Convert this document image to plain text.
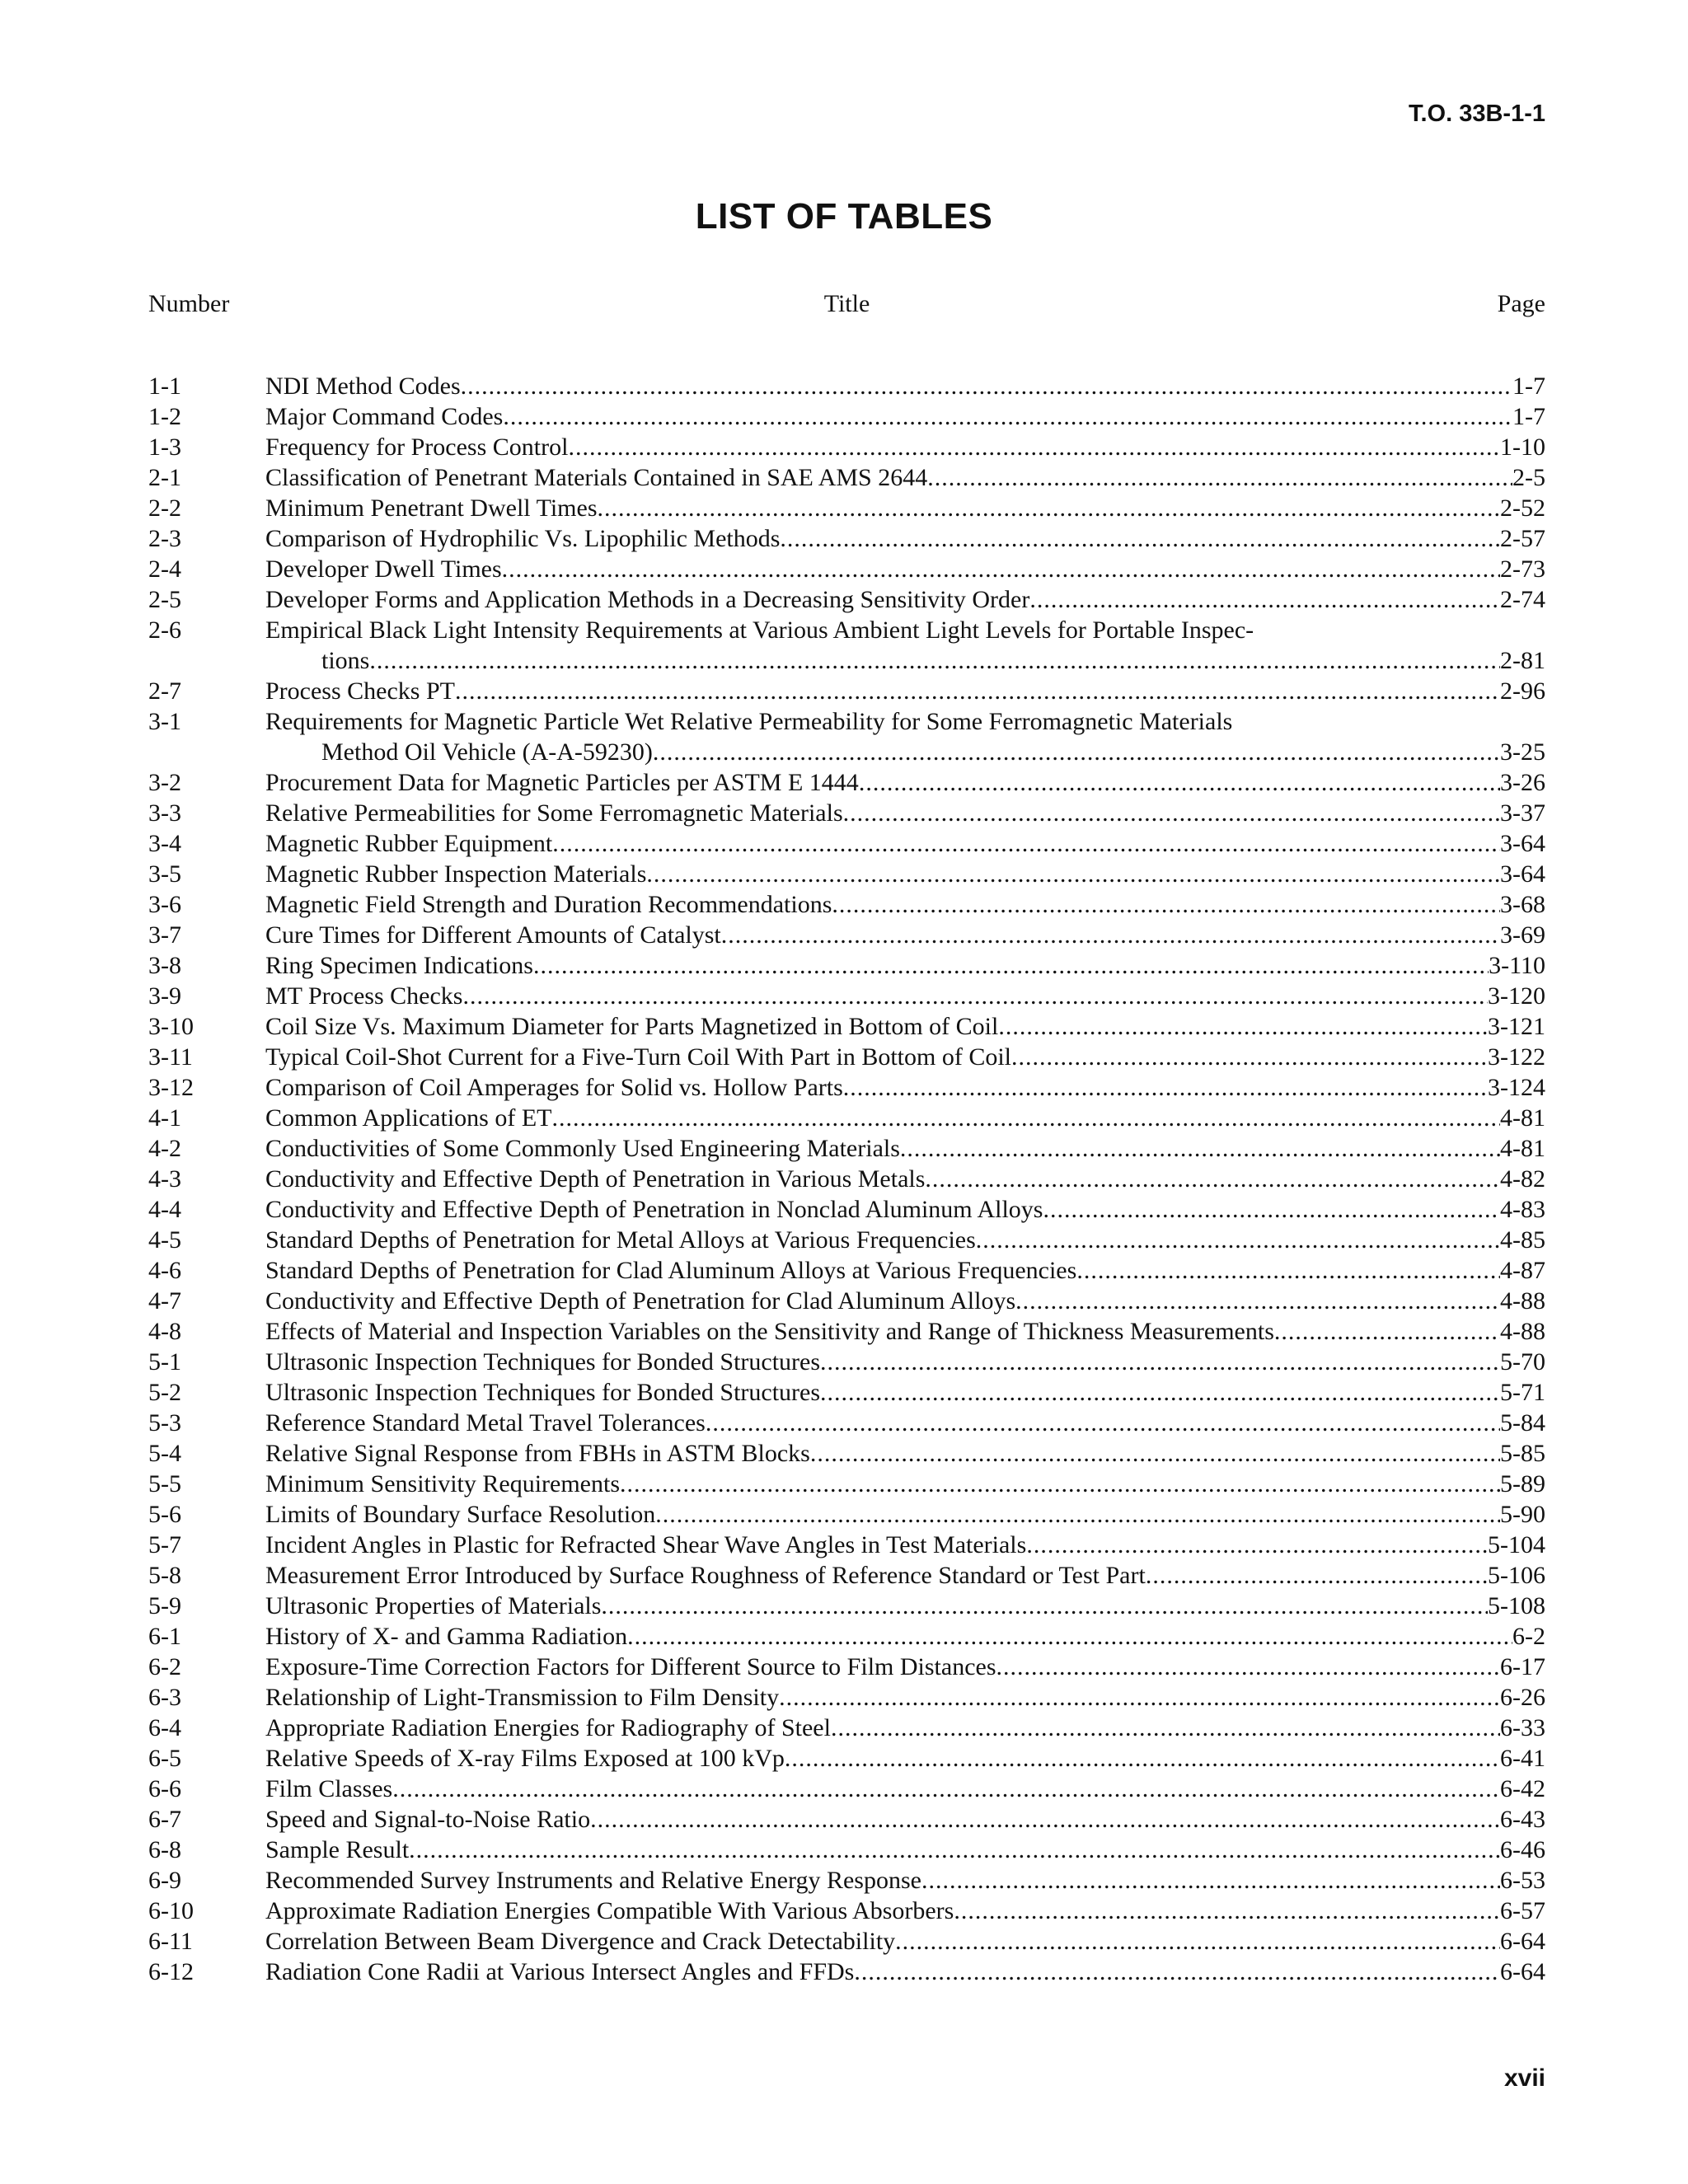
T.O. 33B-1-1

LIST OF TABLES
Number	Title	Page
1-1	NDI Method Codes .....	1-7
1-2	Major Command Codes .....	1-7
1-3	Frequency for Process Control .....	1-10
2-1	Classification of Penetrant Materials Contained in SAE AMS 2644 .....	2-5
2-2	Minimum Penetrant Dwell Times .....	2-52
2-3	Comparison of Hydrophilic Vs. Lipophilic Methods .....	2-57
2-4	Developer Dwell Times .....	2-73
2-5	Developer Forms and Application Methods in a Decreasing Sensitivity Order .....	2-74
2-6	Empirical Black Light Intensity Requirements at Various Ambient Light Levels for Portable Inspec-
tions .....	2-81
2-7	Process Checks PT .....	2-96
3-1	Requirements for Magnetic Particle Wet Relative Permeability for Some Ferromagnetic Materials
Method Oil Vehicle (A-A-59230) .....	3-25
3-2	Procurement Data for Magnetic Particles per ASTM E 1444 .....	3-26
3-3	Relative Permeabilities for Some Ferromagnetic Materials .....	3-37
3-4	Magnetic Rubber Equipment .....	3-64
3-5	Magnetic Rubber Inspection Materials .....	3-64
3-6	Magnetic Field Strength and Duration Recommendations .....	3-68
3-7	Cure Times for Different Amounts of Catalyst .....	3-69
3-8	Ring Specimen Indications .....	3-110
3-9	MT Process Checks .....	3-120
3-10	Coil Size Vs. Maximum Diameter for Parts Magnetized in Bottom of Coil .....	3-121
3-11	Typical Coil-Shot Current for a Five-Turn Coil With Part in Bottom of Coil .....	3-122
3-12	Comparison of Coil Amperages for Solid vs. Hollow Parts .....	3-124
4-1	Common Applications of ET .....	4-81
4-2	Conductivities of Some Commonly Used Engineering Materials .....	4-81
4-3	Conductivity and Effective Depth of Penetration in Various Metals .....	4-82
4-4	Conductivity and Effective Depth of Penetration in Nonclad Aluminum Alloys .....	4-83
4-5	Standard Depths of Penetration for Metal Alloys at Various Frequencies .....	4-85
4-6	Standard Depths of Penetration for Clad Aluminum Alloys at Various Frequencies .....	4-87
4-7	Conductivity and Effective Depth of Penetration for Clad Aluminum Alloys .....	4-88
4-8	Effects of Material and Inspection Variables on the Sensitivity and Range of Thickness Measurements .....	4-88
5-1	Ultrasonic Inspection Techniques for Bonded Structures .....	5-70
5-2	Ultrasonic Inspection Techniques for Bonded Structures .....	5-71
5-3	Reference Standard Metal Travel Tolerances .....	5-84
5-4	Relative Signal Response from FBHs in ASTM Blocks .....	5-85
5-5	Minimum Sensitivity Requirements .....	5-89
5-6	Limits of Boundary Surface Resolution .....	5-90
5-7	Incident Angles in Plastic for Refracted Shear Wave Angles in Test Materials .....	5-104
5-8	Measurement Error Introduced by Surface Roughness of Reference Standard or Test Part .....	5-106
5-9	Ultrasonic Properties of Materials .....	5-108
6-1	History of X- and Gamma Radiation .....	6-2
6-2	Exposure-Time Correction Factors for Different Source to Film Distances .....	6-17
6-3	Relationship of Light-Transmission to Film Density .....	6-26
6-4	Appropriate Radiation Energies for Radiography of Steel .....	6-33
6-5	Relative Speeds of X-ray Films Exposed at 100 kVp .....	6-41
6-6	Film Classes .....	6-42
6-7	Speed and Signal-to-Noise Ratio .....	6-43
6-8	Sample Result .....	6-46
6-9	Recommended Survey Instruments and Relative Energy Response .....	6-53
6-10	Approximate Radiation Energies Compatible With Various Absorbers .....	6-57
6-11	Correlation Between Beam Divergence and Crack Detectability .....	6-64
6-12	Radiation Cone Radii at Various Intersect Angles and FFDs .....	6-64

xvii
